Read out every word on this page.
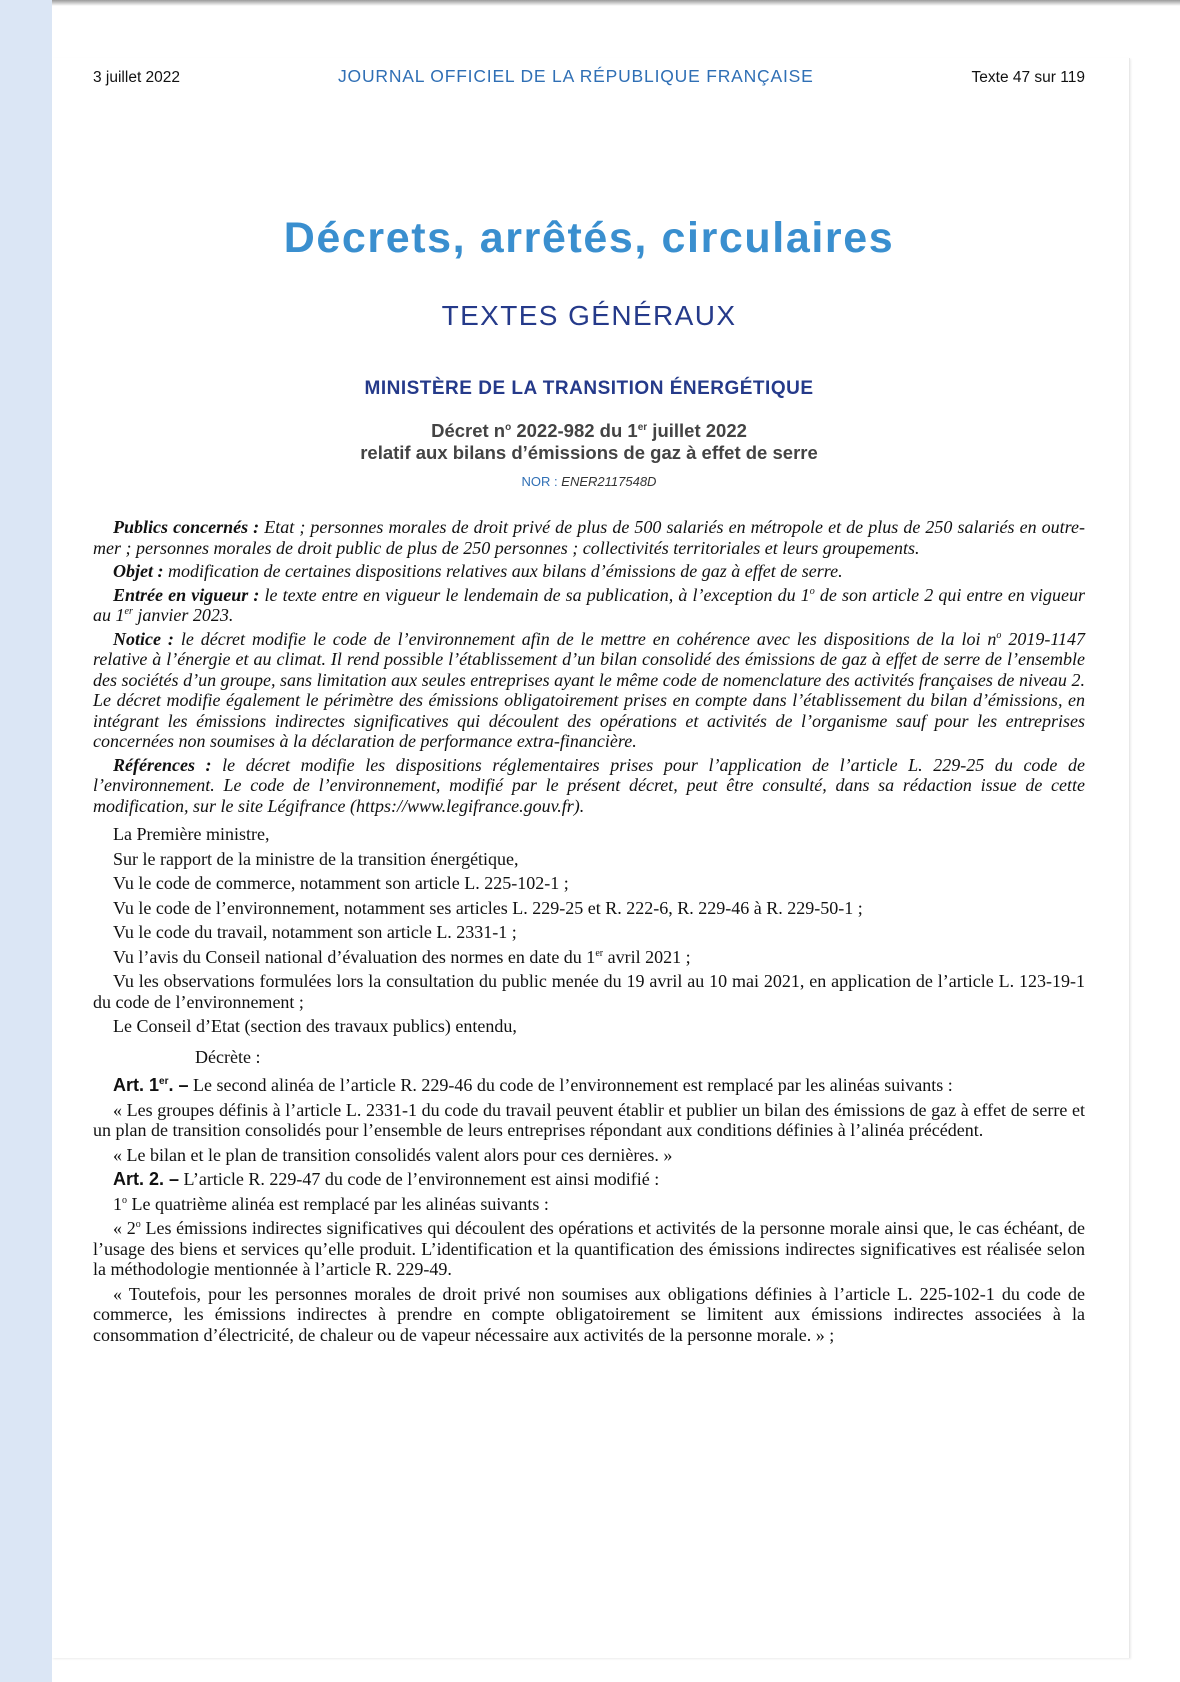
3 juillet 2022	JOURNAL OFFICIEL DE LA RÉPUBLIQUE FRANÇAISE	Texte 47 sur 119
Décrets, arrêtés, circulaires
TEXTES GÉNÉRAUX
MINISTÈRE DE LA TRANSITION ÉNERGÉTIQUE
Décret $n^o$ 2022-982 du 1er juillet 2022
relatif aux bilans d’émissions de gaz à effet de serre
NOR : ENER2117548D

Publics concernés : Etat ; personnes morales de droit privé de plus de 500 salariés en métropole et de plus de 250 salariés en outre-mer ; personnes morales de droit public de plus de 250 personnes ; collectivités territoriales et leurs groupements.

Objet : modification de certaines dispositions relatives aux bilans d’émissions de gaz à effet de serre.

Entrée en vigueur : le texte entre en vigueur le lendemain de sa publication, à l’exception du 1$^o$ de son article 2 qui entre en vigueur au 1er janvier 2023.

Notice : le décret modifie le code de l’environnement afin de le mettre en cohérence avec les dispositions de la loi $n^o$ 2019-1147 relative à l’énergie et au climat. Il rend possible l’établissement d’un bilan consolidé des émissions de gaz à effet de serre de l’ensemble des sociétés d’un groupe, sans limitation aux seules entreprises ayant le même code de nomenclature des activités françaises de niveau 2. Le décret modifie également le périmètre des émissions obligatoirement prises en compte dans l’établissement du bilan d’émissions, en intégrant les émissions indirectes significatives qui découlent des opérations et activités de l’organisme sauf pour les entreprises concernées non soumises à la déclaration de performance extra-financière.

Références : le décret modifie les dispositions réglementaires prises pour l’application de l’article L. 229-25 du code de l’environnement. Le code de l’environnement, modifié par le présent décret, peut être consulté, dans sa rédaction issue de cette modification, sur le site Légifrance (https://www.legifrance.gouv.fr).

La Première ministre,

Sur le rapport de la ministre de la transition énergétique,

Vu le code de commerce, notamment son article L. 225-102-1 ;

Vu le code de l’environnement, notamment ses articles L. 229-25 et R. 222-6, R. 229-46 à R. 229-50-1 ;

Vu le code du travail, notamment son article L. 2331-1 ;

Vu l’avis du Conseil national d’évaluation des normes en date du 1er avril 2021 ;

Vu les observations formulées lors la consultation du public menée du 19 avril au 10 mai 2021, en application de l’article L. 123-19-1 du code de l’environnement ;

Le Conseil d’Etat (section des travaux publics) entendu,

Décrète :

Art. 1er. – Le second alinéa de l’article R. 229-46 du code de l’environnement est remplacé par les alinéas suivants :

« Les groupes définis à l’article L. 2331-1 du code du travail peuvent établir et publier un bilan des émissions de gaz à effet de serre et un plan de transition consolidés pour l’ensemble de leurs entreprises répondant aux conditions définies à l’alinéa précédent.

« Le bilan et le plan de transition consolidés valent alors pour ces dernières. »

Art. 2. – L’article R. 229-47 du code de l’environnement est ainsi modifié :

1$^o$ Le quatrième alinéa est remplacé par les alinéas suivants :

« 2$^o$ Les émissions indirectes significatives qui découlent des opérations et activités de la personne morale ainsi que, le cas échéant, de l’usage des biens et services qu’elle produit. L’identification et la quantification des émissions indirectes significatives est réalisée selon la méthodologie mentionnée à l’article R. 229-49.

« Toutefois, pour les personnes morales de droit privé non soumises aux obligations définies à l’article L. 225-102-1 du code de commerce, les émissions indirectes à prendre en compte obligatoirement se limitent aux émissions indirectes associées à la consommation d’électricité, de chaleur ou de vapeur nécessaire aux activités de la personne morale. » ;
